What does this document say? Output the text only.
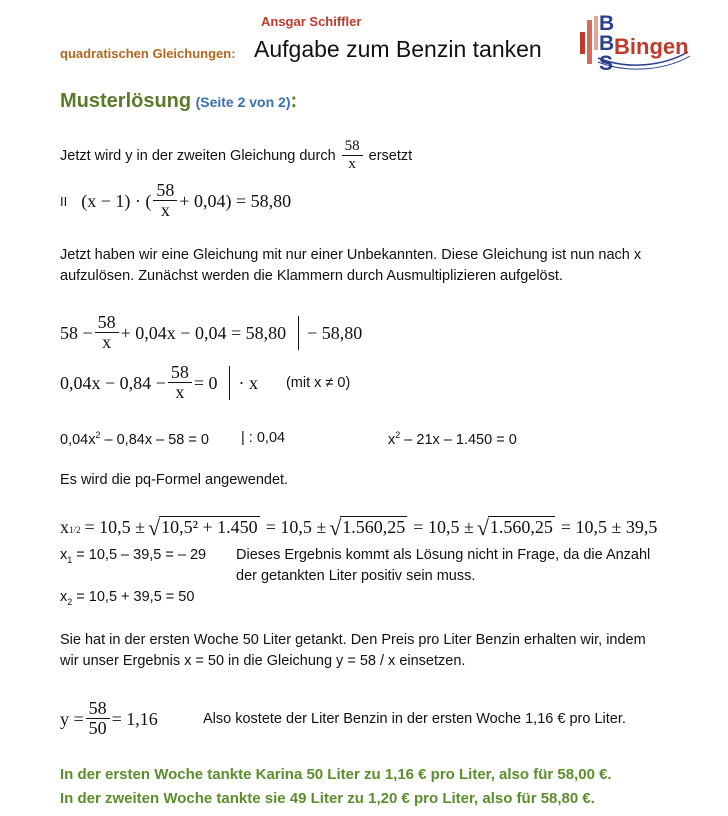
Ansgar Schiffler
quadratischen Gleichungen: Aufgabe zum Benzin tanken
B
B
S
Bingen
Musterlösung (Seite 2 von 2):
Jetzt wird y in der zweiten Gleichung durch $\frac{58}{x}$ ersetzt
II (x − 1) · ( $\frac{58}{x} + 0,04) = 58,80$
Jetzt haben wir eine Gleichung mit nur einer Unbekannten. Diese Gleichung ist nun nach x
aufzulösen. Zunächst werden die Klammern durch Ausmultiplizieren aufgelöst.
$58 - \frac{58}{x} + 0,04x - 0,04 = 58,80 - 58,80$
$0,04x - 0,84 - \frac{58}{x} = 0 \cdot x$ (mit x ≠ 0)
$0,04x^2 - 0,84x - 58 = 0$ | : 0,04	$x^2 - 21x - 1.450 = 0$
Es wird die pq-Formel angewendet.
x 1/2 = 10,5 ± √ 10,5² + 1.450 = 10,5 ± √ 1.560,25 = 10,5 ± √ 1.560,25 = 10,5 ± 39,5
$x_1 = 10,5 - 39,5$ = – 29 Dieses Ergebnis kommt als Lösung nicht in Frage, da die Anzahl
der getankten Liter positiv sein muss.
$x_2 = 10,5 + 39,5 = 50$
Sie hat in der ersten Woche 50 Liter getankt. Den Preis pro Liter Benzin erhalten wir, indem
wir unser Ergebnis x = 50 in die Gleichung y = 58 / x einsetzen.
$y = \frac{58}{50} = 1,16$	Also kostete der Liter Benzin in der ersten Woche 1,16 € pro Liter.
In der ersten Woche tankte Karina 50 Liter zu 1,16 € pro Liter, also für 58,00 €.
In der zweiten Woche tankte sie 49 Liter zu 1,20 € pro Liter, also für 58,80 €.
